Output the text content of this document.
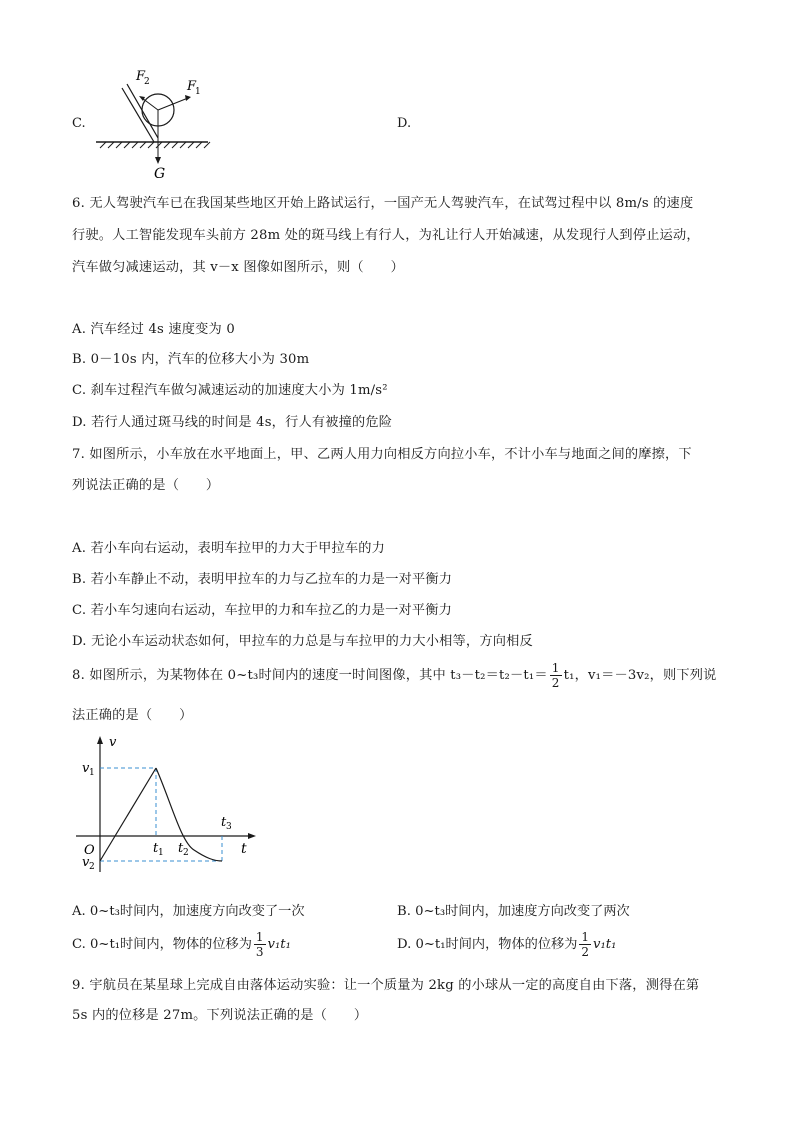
C.
F
2	F
1
G
D.
6. 无人驾驶汽车已在我国某些地区开始上路试运行，一国产无人驾驶汽车，在试驾过程中以 8m/s 的速度
行驶。人工智能发现车头前方 28m 处的斑马线上有行人，为礼让行人开始减速，从发现行人到停止运动，
汽车做匀减速运动，其 v－x 图像如图所示，则（　　）
A. 汽车经过 4s 速度变为 0
B. 0－10s 内，汽车的位移大小为 30m
C. 刹车过程汽车做匀减速运动的加速度大小为 1m/s²
D. 若行人通过斑马线的时间是 4s，行人有被撞的危险
7. 如图所示，小车放在水平地面上，甲、乙两人用力向相反方向拉小车，不计小车与地面之间的摩擦，下
列说法正确的是（　　）
A. 若小车向右运动，表明车拉甲的力大于甲拉车的力
B. 若小车静止不动，表明甲拉车的力与乙拉车的力是一对平衡力
C. 若小车匀速向右运动，车拉甲的力和车拉乙的力是一对平衡力
D. 无论小车运动状态如何，甲拉车的力总是与车拉甲的力大小相等，方向相反
8. 如图所示，为某物体在 0~t₃时间内的速度一时间图像，其中 $t_3-t_2=t_2-t_1= \frac{1}{2} t_1$，v₁＝－3v₂，则下列说
法正确的是（　　）
v
v 1
O
v 2
t 1 t 2
t 3
t
A. 0~t₃时间内，加速度方向改变了一次	B. 0~t₃时间内，加速度方向改变了两次
C. 0~t₁时间内，物体的位移为 $\frac{1}{3} v_1t_1$	D. 0~t₁时间内，物体的位移为 $\frac{1}{2} v_1t_1$
9. 宇航员在某星球上完成自由落体运动实验：让一个质量为 2kg 的小球从一定的高度自由下落，测得在第
5s 内的位移是 27m。下列说法正确的是（　　）
